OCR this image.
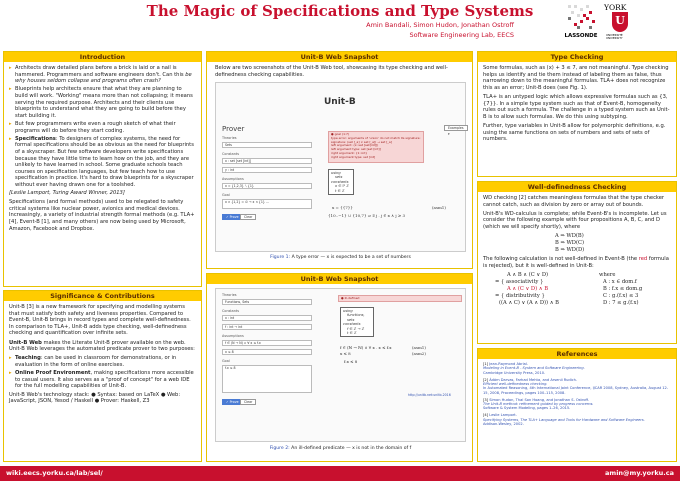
The Magic of Specifications and Type Systems
Amin Bandali, Simon Hudon, Jonathan Ostroff
Software Engineering Lab, EECS	LASSONDE
YORK
U
UNIVERSITÉ
UNIVERSITY
Introduction
▸ Architects draw detailed plans before a brick is laid or a nail is hammered. Programmers and software engineers don't. Can this be why houses seldom collapse and programs often crash?
▸ Blueprints help architects ensure that what they are planning to build will work. "Working" means more than not collapsing; it means serving the required purpose. Architects and their clients use blueprints to understand what they are going to build before they start building it.
▸ But few programmers write even a rough sketch of what their programs will do before they start coding.
▸ Specifications: To designers of complex systems, the need for formal specifications should be as obvious as the need for blueprints of a skyscraper. But few software developers write specifications because they have little time to learn how on the job, and they are unlikely to have learned in school. Some graduate schools teach courses on specification languages, but few teach how to use specification in practice. It's hard to draw blueprints for a skyscraper without ever having drawn one for a toolshed.

[Leslie Lamport, Turing Award Winner, 2013]

Specifications (and formal methods) used to be relegated to safety critical systems like nuclear power, avionics and medical devices. Increasingly, a variety of industrial strength formal methods (e.g. TLA+ [4], Event-B [1], and many others) are now being used by Microsoft, Amazon, Facebook and Dropbox.

Significance & Contributions

Unit-B [3] is a new framework for specifying and modelling systems that must satisfy both safety and liveness properties. Compared to Event-B, Unit-B brings in record types and complete well-definedness. In comparison to TLA+, Unit-B adds type checking, well-definedness checking and quantification over infinite sets.

Unit-B Web makes the Literate Unit-B prover available on the web. Unit-B Web leverages the automated predicate prover to two purposes:

▸ Teaching: can be used in classroom for demonstrations, or in evaluation in the form of online exercises.
▸ Online Proof Environment, making specifications more accessible to casual users. It also serves as a "proof of concept" for a web IDE for the full modelling capabilities of Unit-B.

Unit-B Web's technology stack: ● Syntax: based on LaTeX ● Web: JavaScript, JSON, Yesod / Haskell ● Prover: Haskell, Z3

Unit-B Web Snapshot

Below are two screenshots of the Unit-B Web tool, showcasing its type checking and well-definedness checking capabilities.

Unit-B
Prover	Examples ▾
Theories
Sets
Constants
x : set [set [int]]
y : int
Assumptions
x = {1,2,3} ∖ {1}
Goal
x ∩ {1,2} = ∅ → x ∩ {1} ...
✓ Prove	Clear
● goal (1:7)
type error: arguments of 'union' do not match its signature:
signature: (set [_a] × set [_a]) → set [_a]
left argument: (x::set [set[int]])
left argument type: set [set [int]]
right argument: {1::int}
right argument type: set [int]
using
sets
constants
x ∈ ℙ ℤ
t ∈ ℤ
x = {{7}}
{10..−1} ∪ {10,7} ⇒ ∃ j . j ∈ x ∧ j ≥ 3
(asm1)
Figure 1: A type error — x is expected to be a set of numbers
Unit-B Web Snapshot
Theories
Functions, Sets
Constants
x : int
f : int → int
Assumptions
f ∈ (N → N) ∧ ∀ x ≤ f.x
x ≤ 8
Goal
f.x ≤ 8
✓ Prove	Clear
● ill-defined
using
functions, sets
constants
f ∈ ℤ → ℤ
t ∈ ℤ
f ∈ (ℕ → ℕ) ∧ ∀ x . x ≤ f.x	(asm1)
x ≤ 8	(asm2)
f.x ≤ 8
http://unitb.net:unitb-2016
Figure 2: An ill-defined predicate — x is not in the domain of f
Type Checking

Some formulas, such as (x) + 3 ≤ 7, are not meaningful. Type checking helps us identify and tie them instead of labeling them as false, thus narrowing down to the meaningful formulas. TLA+ does not recognize this as an error; Unit-B does (see Fig. 1).

TLA+ is an untyped logic which allows expressive formulas such as {3, {7}}. In a simple type system such as that of Event-B, homogeneity rules out such a formula. The challenge in a typed system such as Unit-B is to allow such formulas. We do this using subtyping.

Further, type variables in Unit-B allow for polymorphic definitions, e.g. using the same functions on sets of numbers and sets of sets of numbers.

Well-definedness Checking

WD checking [2] catches meaningless formulas that the type checker cannot catch, such as division by zero or array out of bounds.

Unit-B's WD-calculus is complete; while Event-B's is incomplete. Let us consider the following example with four propositions A, B, C, and D (which we will specify shortly), where

A ⇒ WD(B)
B ⇒ WD(C)
B ⇒ WD(D)

The following calculation is not well-defined in Event-B (the red formula is rejected), but it is well-defined in Unit-B:

A ∧ B ∧ (C ∨ D)
= { associativity }
A ∧ (C ∨ D) ∧ B
= { distributivity }
((A ∧ C) ∨ (A ∧ D)) ∧ B
where
A : x ∈ dom.f
B : f.x ≤ dom.g
C : g.(f.x) ≤ 3
D : 7 ≤ g.(f.x)
References
[1] Jean-Raymond Abrial.
Modeling in Event-B - System and Software Engineering.
Cambridge University Press, 2010.
[2] Ádám Darvas, Farhad Mehta, and Arsenii Rudich.
Efficient well-definedness checking.
In Automated Reasoning, 4th International Joint Conference, IJCAR 2008, Sydney, Australia, August 12-15, 2008, Proceedings, pages 100–115, 2008.
[3] Simon Hudon, Thai Son Hoang, and Jonathan S. Ostroff.
The Unit-B method: refinement guided by progress concerns.
Software & System Modeling, pages 1–26, 2015.
[4] Leslie Lamport.
Specifying Systems, The TLA+ Language and Tools for Hardware and Software Engineers.
Addison-Wesley, 2002.
wiki.eecs.yorku.ca/lab/sel/	amin@my.yorku.ca
